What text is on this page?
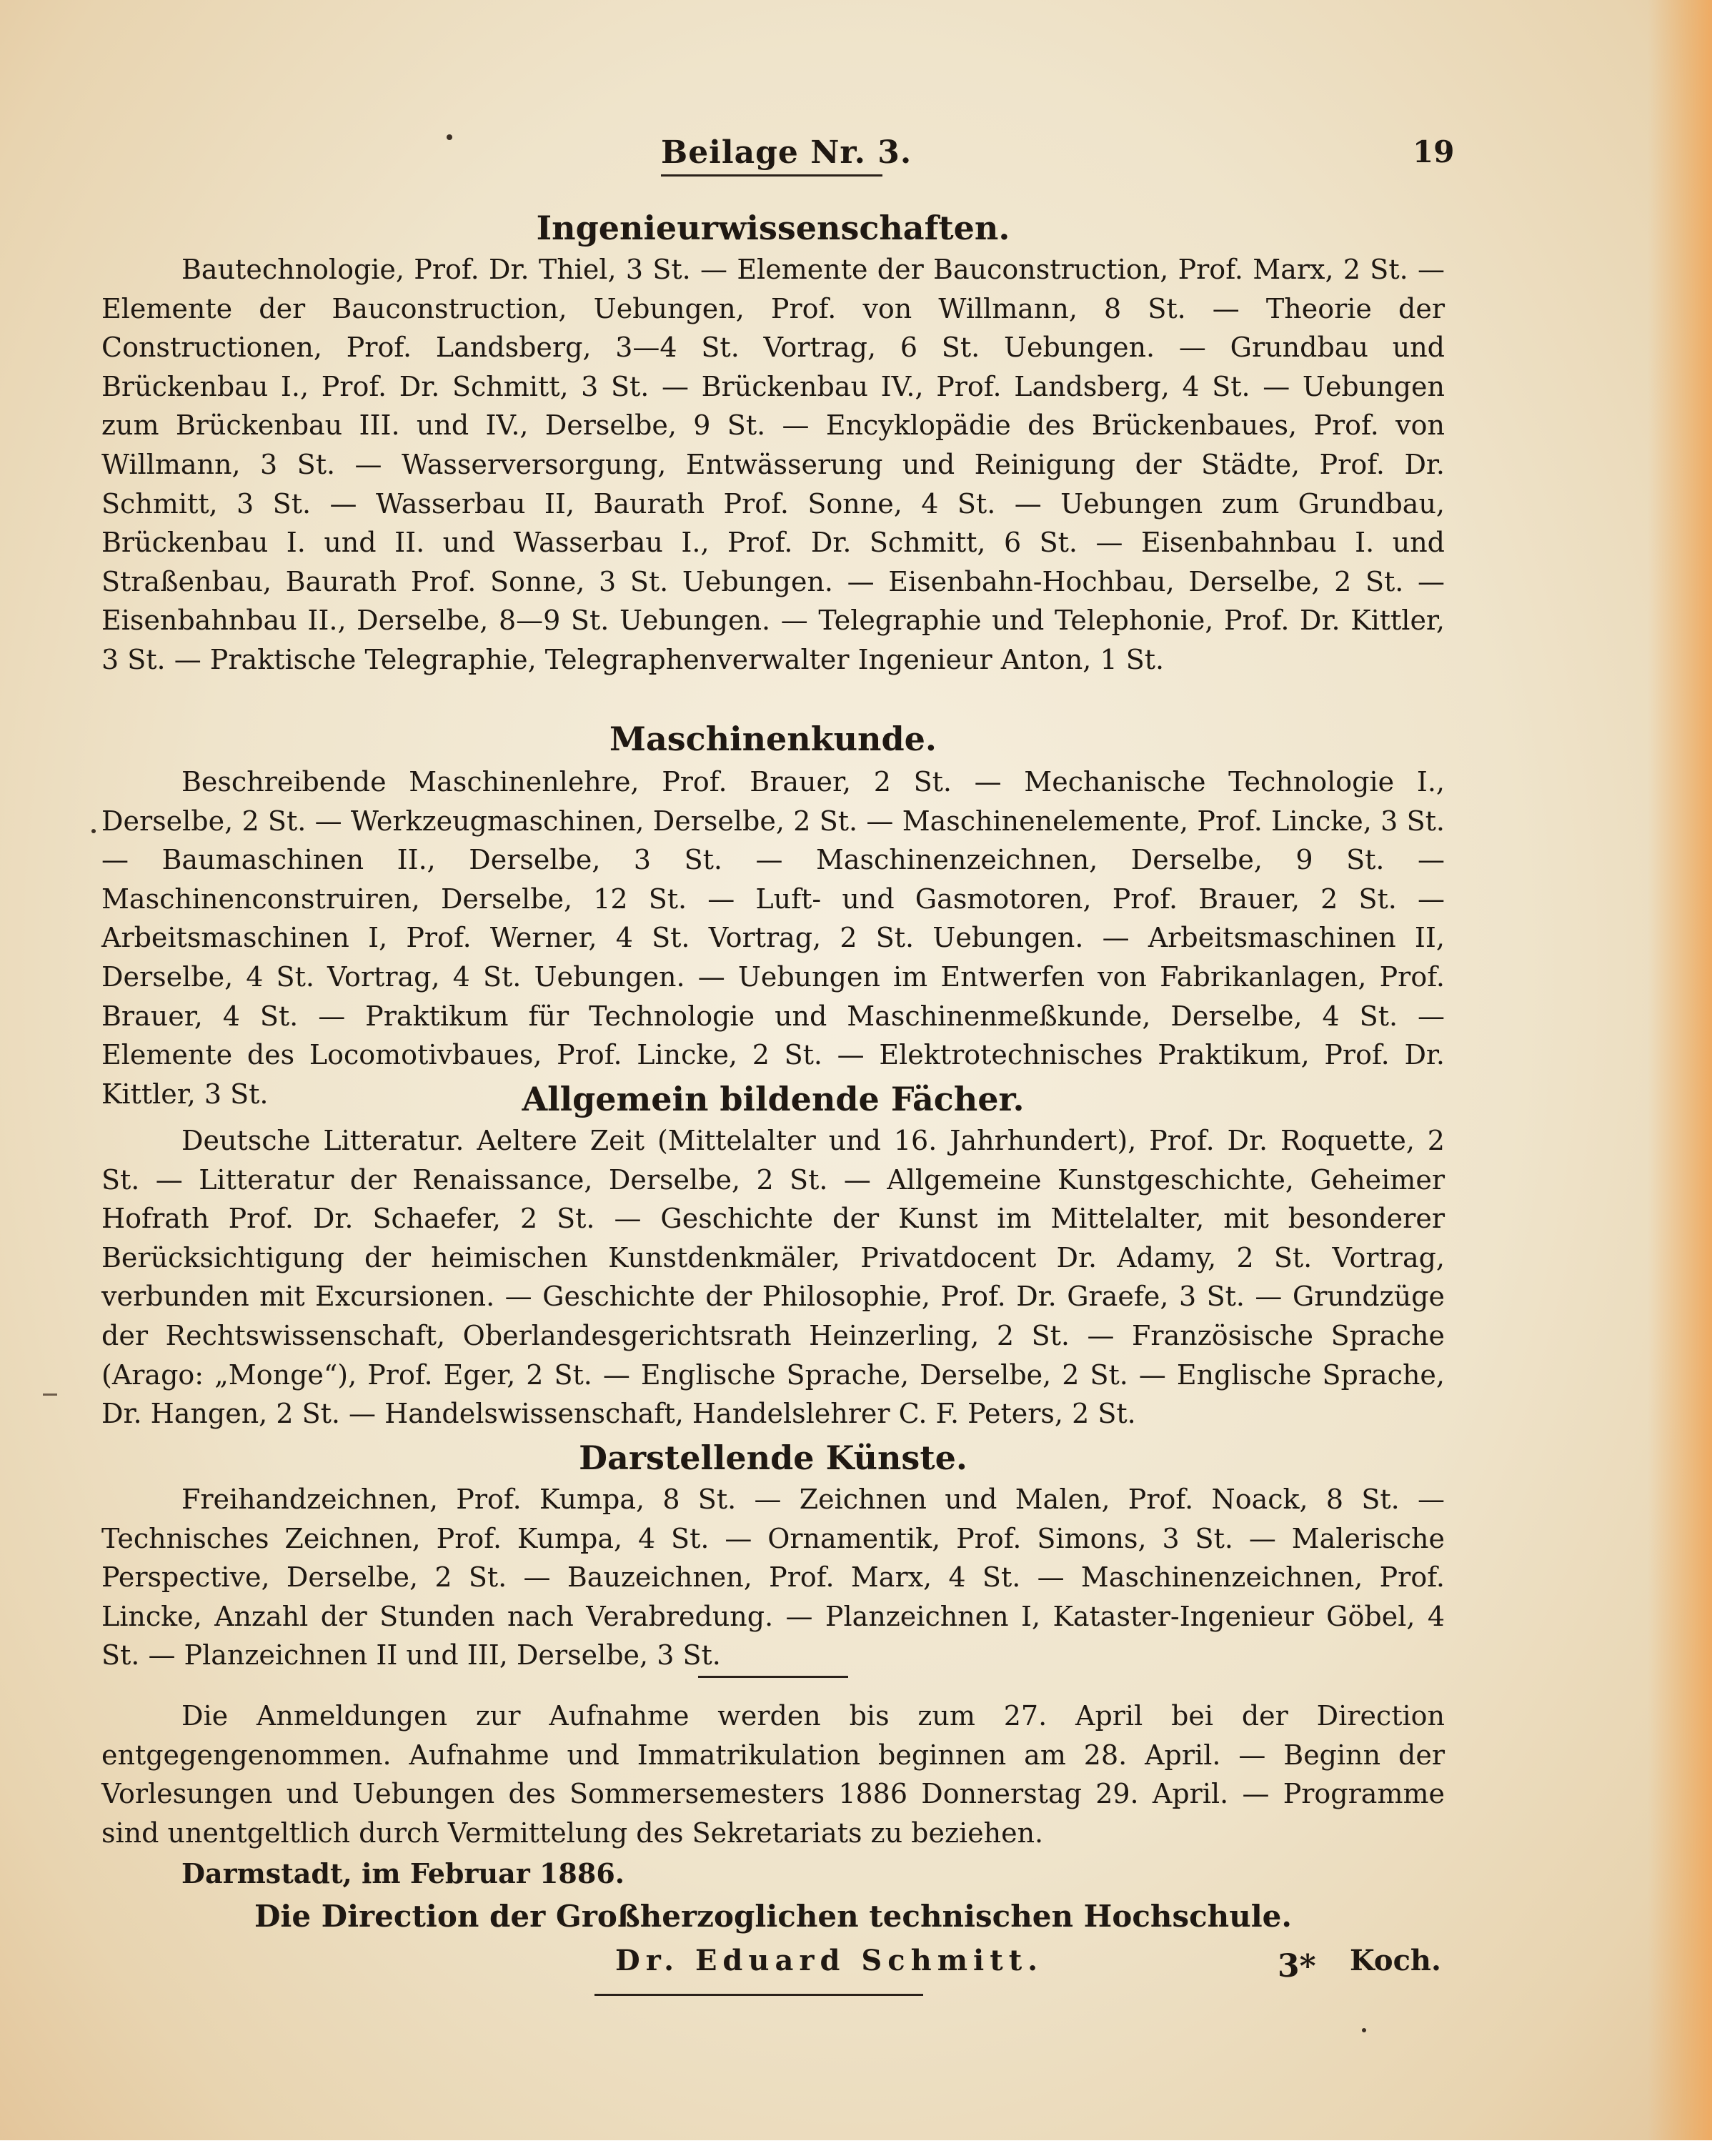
Beilage Nr. 3.	19
Ingenieurwissenschaften.

Bautechnologie, Prof. Dr. Thiel, 3 St. — Elemente der Bauconstruction, Prof. Marx, 2 St. — Elemente der Bauconstruction, Uebungen, Prof. von Willmann, 8 St. — Theorie der Constructionen, Prof. Landsberg, 3—4 St. Vortrag, 6 St. Uebungen. — Grundbau und Brückenbau I., Prof. Dr. Schmitt, 3 St. — Brückenbau IV., Prof. Landsberg, 4 St. — Uebungen zum Brückenbau III. und IV., Derselbe, 9 St. — Encyklopädie des Brückenbaues, Prof. von Willmann, 3 St. — Wasserversorgung, Entwässerung und Reinigung der Städte, Prof. Dr. Schmitt, 3 St. — Wasserbau II, Baurath Prof. Sonne, 4 St. — Uebungen zum Grundbau, Brückenbau I. und II. und Wasserbau I., Prof. Dr. Schmitt, 6 St. — Eisenbahnbau I. und Straßenbau, Baurath Prof. Sonne, 3 St. Uebungen. — Eisenbahn-Hochbau, Derselbe, 2 St. — Eisenbahnbau II., Derselbe, 8—9 St. Uebungen. — Telegraphie und Telephonie, Prof. Dr. Kittler, 3 St. — Praktische Telegraphie, Telegraphenverwalter Ingenieur Anton, 1 St.

Maschinenkunde.

Beschreibende Maschinenlehre, Prof. Brauer, 2 St. — Mechanische Technologie I., Derselbe, 2 St. — Werkzeugmaschinen, Derselbe, 2 St. — Maschinenelemente, Prof. Lincke, 3 St. — Baumaschinen II., Derselbe, 3 St. — Maschinenzeichnen, Derselbe, 9 St. — Maschinenconstruiren, Derselbe, 12 St. — Luft- und Gasmotoren, Prof. Brauer, 2 St. — Arbeitsmaschinen I, Prof. Werner, 4 St. Vortrag, 2 St. Uebungen. — Arbeitsmaschinen II, Derselbe, 4 St. Vortrag, 4 St. Uebungen. — Uebungen im Entwerfen von Fabrikanlagen, Prof. Brauer, 4 St. — Praktikum für Technologie und Maschinenmeßkunde, Derselbe, 4 St. — Elemente des Locomotivbaues, Prof. Lincke, 2 St. — Elektrotechnisches Praktikum, Prof. Dr. Kittler, 3 St.	Allgemein bildende Fächer.

Deutsche Litteratur. Aeltere Zeit (Mittelalter und 16. Jahrhundert), Prof. Dr. Roquette, 2 St. — Litteratur der Renaissance, Derselbe, 2 St. — Allgemeine Kunstgeschichte, Geheimer Hofrath Prof. Dr. Schaefer, 2 St. — Geschichte der Kunst im Mittelalter, mit besonderer Berücksichtigung der heimischen Kunstdenkmäler, Privatdocent Dr. Adamy, 2 St. Vortrag, verbunden mit Excursionen. — Geschichte der Philosophie, Prof. Dr. Graefe, 3 St. — Grundzüge der Rechtswissenschaft, Oberlandesgerichtsrath Heinzerling, 2 St. — Französische Sprache (Arago: „Monge“), Prof. Eger, 2 St. — Englische Sprache, Derselbe, 2 St. — Englische Sprache, Dr. Hangen, 2 St. — Handelswissenschaft, Handelslehrer C. F. Peters, 2 St.

Darstellende Künste.

Freihandzeichnen, Prof. Kumpa, 8 St. — Zeichnen und Malen, Prof. Noack, 8 St. — Technisches Zeichnen, Prof. Kumpa, 4 St. — Ornamentik, Prof. Simons, 3 St. — Malerische Perspective, Derselbe, 2 St. — Bauzeichnen, Prof. Marx, 4 St. — Maschinenzeichnen, Prof. Lincke, Anzahl der Stunden nach Verabredung. — Planzeichnen I, Kataster-Ingenieur Göbel, 4 St. — Planzeichnen II und III, Derselbe, 3 St.

Die Anmeldungen zur Aufnahme werden bis zum 27. April bei der Direction entgegengenommen. Aufnahme und Immatrikulation beginnen am 28. April. — Beginn der Vorlesungen und Uebungen des Sommersemesters 1886 Donnerstag 29. April. — Programme sind unentgeltlich durch Vermittelung des Sekretariats zu beziehen.

Darmstadt, im Februar 1886.

Die Direction der Großherzoglichen technischen Hochschule.

Dr. Eduard Schmitt.	Koch.
3*
